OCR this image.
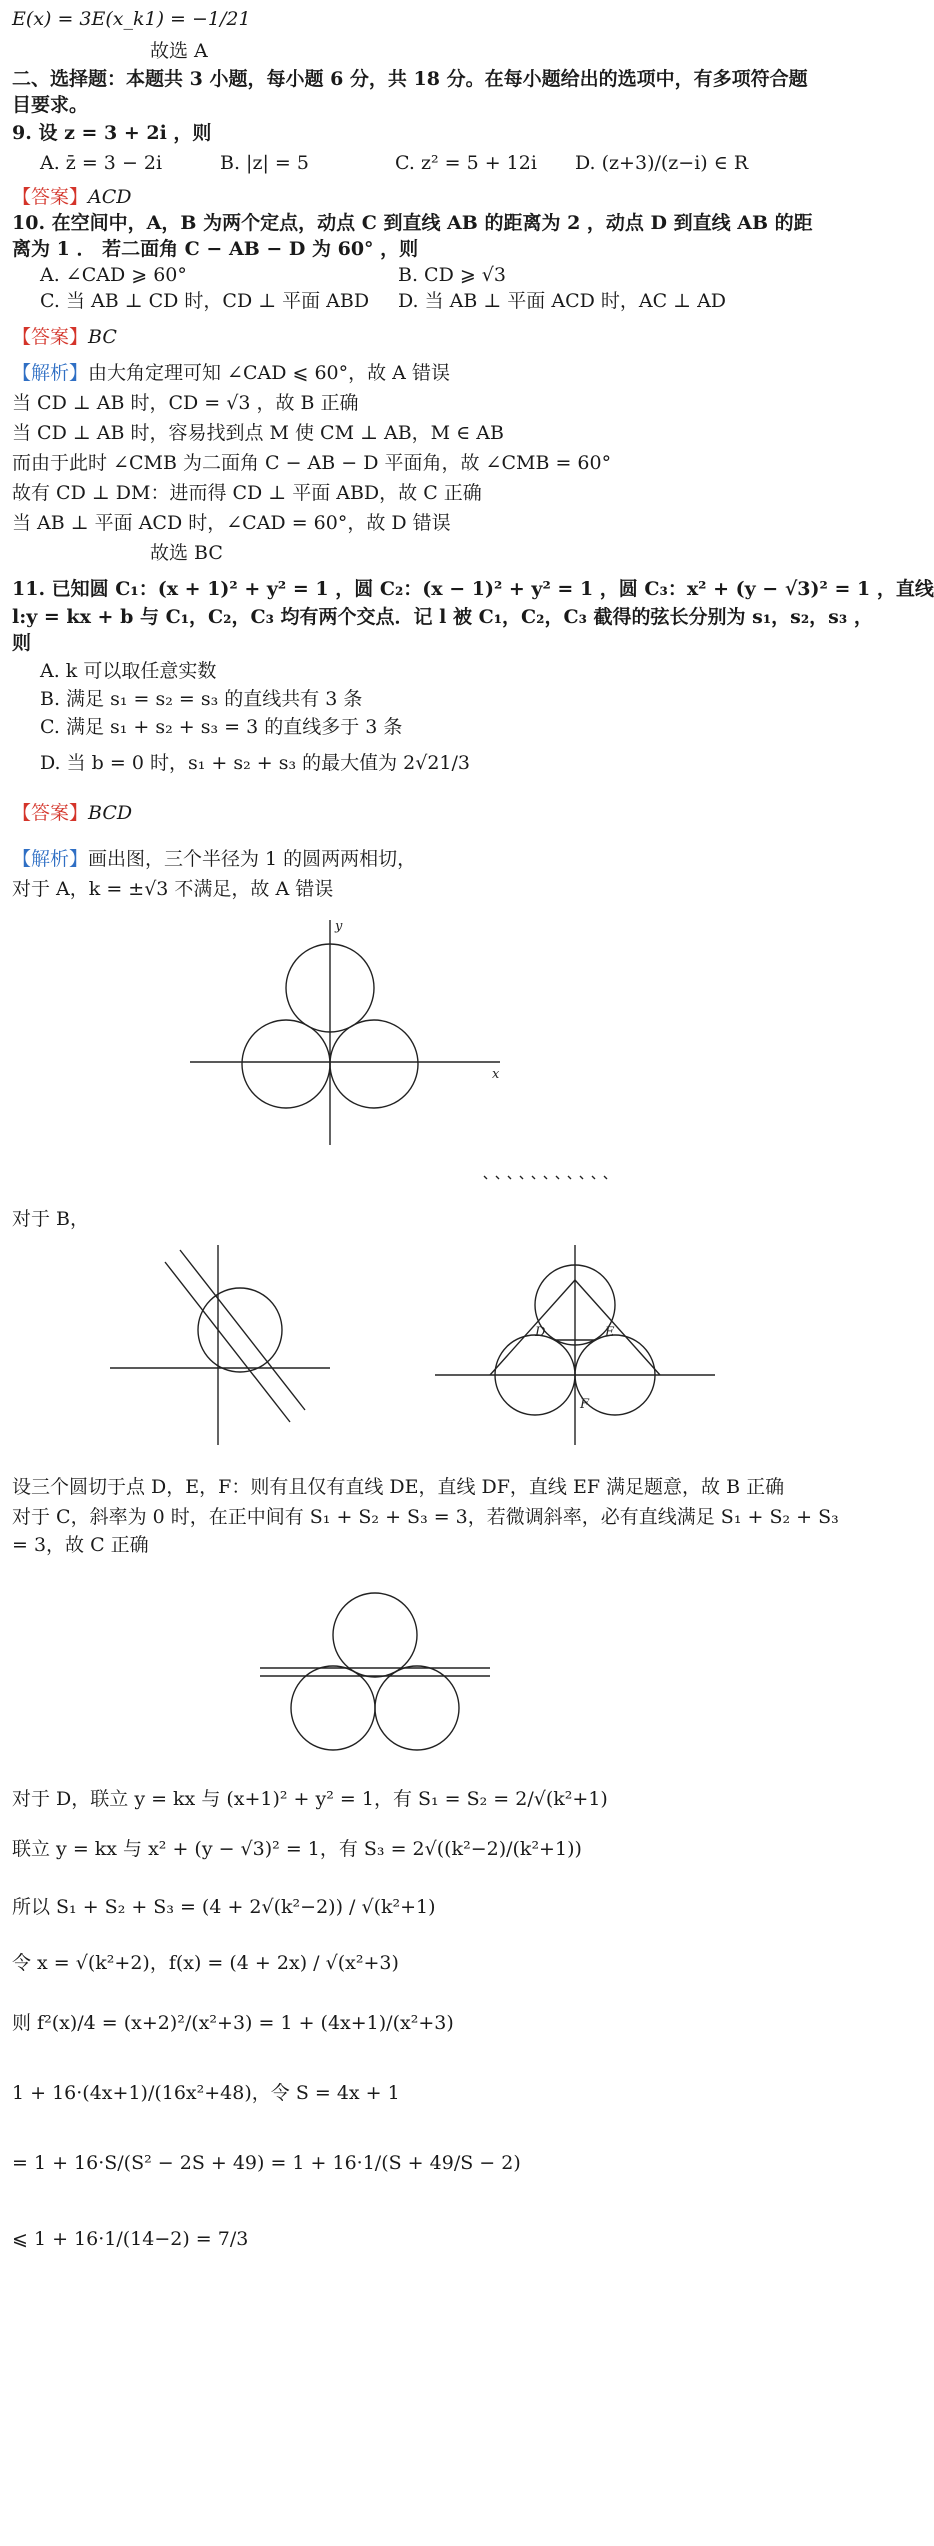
E(x) = 3E(x_k1) = −1/21
故选 A
二、选择题：本题共 3 小题，每小题 6 分，共 18 分。在每小题给出的选项中，有多项符合题
目要求。
9. 设 z = 3 + 2i ，则
A. z̄ = 3 − 2i	B. |z| = 5	C. z² = 5 + 12i	D. (z+3)/(z−i) ∈ R
【答案】ACD
10. 在空间中，A，B 为两个定点，动点 C 到直线 AB 的距离为 2 ，动点 D 到直线 AB 的距
离为 1 ． 若二面角 C − AB − D 为 60° ，则
A. ∠CAD ⩾ 60°	B. CD ⩾ √3
C. 当 AB ⊥ CD 时，CD ⊥ 平面 ABD	D. 当 AB ⊥ 平面 ACD 时，AC ⊥ AD
【答案】BC
【解析】由大角定理可知 ∠CAD ⩽ 60°，故 A 错误
当 CD ⊥ AB 时，CD = √3 ，故 B 正确
当 CD ⊥ AB 时，容易找到点 M 使 CM ⊥ AB，M ∈ AB
而由于此时 ∠CMB 为二面角 C − AB − D 平面角，故 ∠CMB = 60°
故有 CD ⊥ DM：进而得 CD ⊥ 平面 ABD，故 C 正确
当 AB ⊥ 平面 ACD 时，∠CAD = 60°，故 D 错误
故选 BC
11. 已知圆 C₁：(x + 1)² + y² = 1 ，圆 C₂：(x − 1)² + y² = 1 ，圆 C₃：x² + (y − √3)² = 1 ，直线
l:y = kx + b 与 C₁，C₂，C₃ 均有两个交点．记 l 被 C₁，C₂，C₃ 截得的弦长分别为 s₁，s₂，s₃ ，
则
A. k 可以取任意实数
B. 满足 s₁ = s₂ = s₃ 的直线共有 3 条
C. 满足 s₁ + s₂ + s₃ = 3 的直线多于 3 条
D. 当 b = 0 时，s₁ + s₂ + s₃ 的最大值为 2√21/3
【答案】BCD
【解析】画出图，三个半径为 1 的圆两两相切，
对于 A，k = ±√3 不满足，故 A 错误
y
x
对于 B，
D	E
F
设三个圆切于点 D，E，F：则有且仅有直线 DE，直线 DF，直线 EF 满足题意，故 B 正确
对于 C，斜率为 0 时，在正中间有 S₁ + S₂ + S₃ = 3，若微调斜率，必有直线满足 S₁ + S₂ + S₃
= 3，故 C 正确
对于 D，联立 y = kx 与 (x+1)² + y² = 1，有 S₁ = S₂ = 2/√(k²+1)
联立 y = kx 与 x² + (y − √3)² = 1，有 S₃ = 2√((k²−2)/(k²+1))
所以 S₁ + S₂ + S₃ = (4 + 2√(k²−2)) / √(k²+1)
令 x = √(k²+2)，f(x) = (4 + 2x) / √(x²+3)
则 f²(x)/4 = (x+2)²/(x²+3) = 1 + (4x+1)/(x²+3)
1 + 16·(4x+1)/(16x²+48)，令 S = 4x + 1
= 1 + 16·S/(S² − 2S + 49) = 1 + 16·1/(S + 49/S − 2)
⩽ 1 + 16·1/(14−2) = 7/3
